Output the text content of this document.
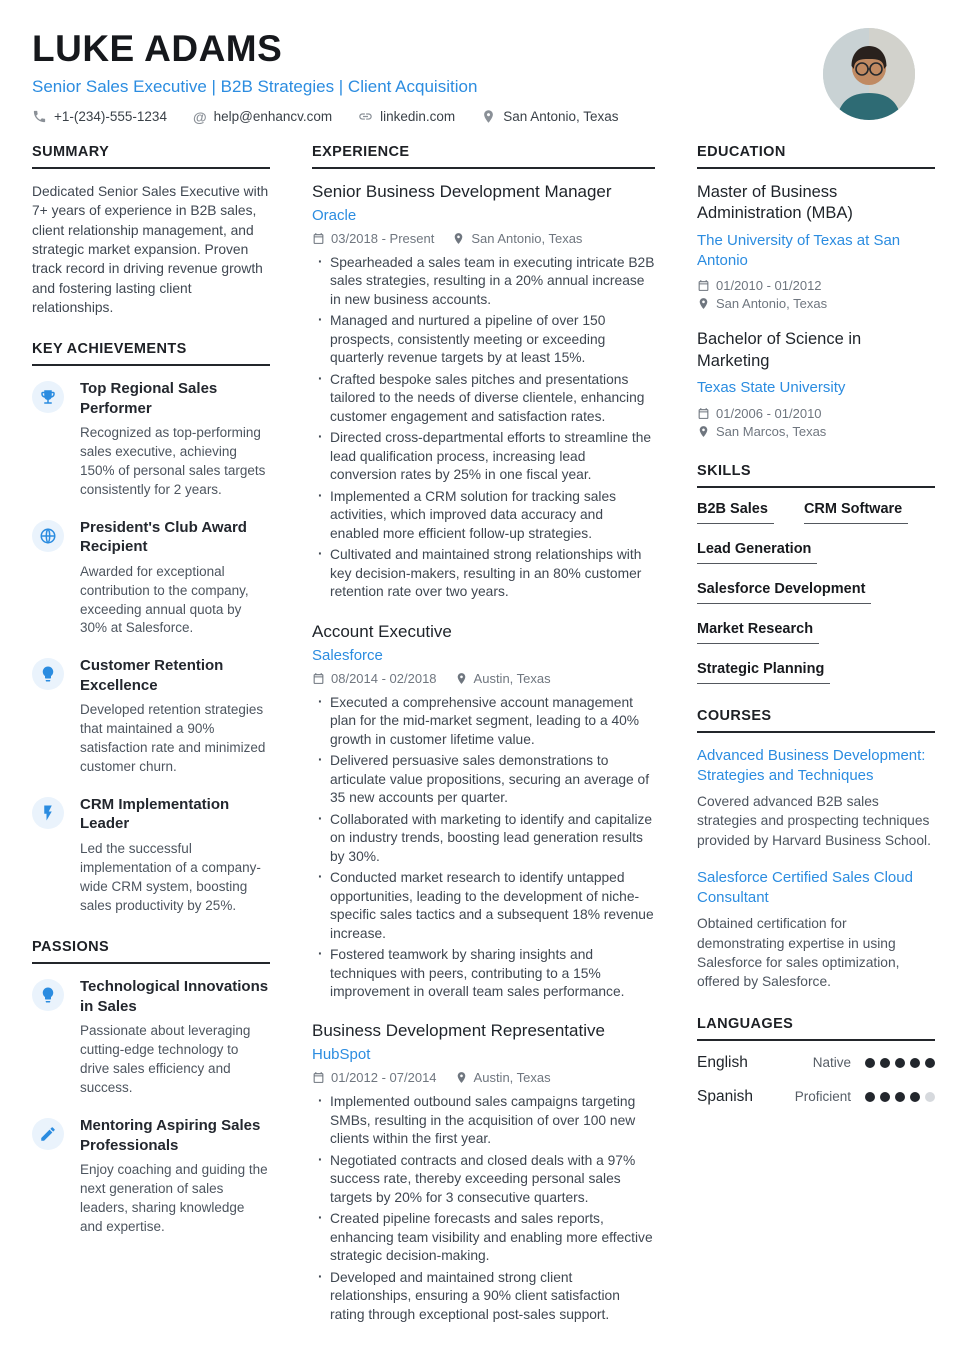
LUKE ADAMS
Senior Sales Executive | B2B Strategies | Client Acquisition
+1-(234)-555-1234 @ help@enhancv.com	linkedin.com	San Antonio, Texas
SUMMARY

Dedicated Senior Sales Executive with 7+ years of experience in B2B sales, client relationship management, and strategic market expansion. Proven track record in driving revenue growth and fostering lasting client relationships.

KEY ACHIEVEMENTS
Top Regional Sales Performer
Recognized as top-performing sales executive, achieving 150% of personal sales targets consistently for 2 years.
President's Club Award Recipient
Awarded for exceptional contribution to the company, exceeding annual quota by 30% at Salesforce.
Customer Retention Excellence
Developed retention strategies that maintained a 90% satisfaction rate and minimized customer churn.
CRM Implementation Leader
Led the successful implementation of a company-wide CRM system, boosting sales productivity by 25%.
PASSIONS
Technological Innovations in Sales
Passionate about leveraging cutting-edge technology to drive sales efficiency and success.
Mentoring Aspiring Sales Professionals
Enjoy coaching and guiding the next generation of sales leaders, sharing knowledge and expertise.
EXPERIENCE
Senior Business Development Manager
Oracle
03/2018 - Present	San Antonio, Texas
· Spearheaded a sales team in executing intricate B2B sales strategies, resulting in a 20% annual increase in new business accounts.
· Managed and nurtured a pipeline of over 150 prospects, consistently meeting or exceeding quarterly revenue targets by at least 15%.
· Crafted bespoke sales pitches and presentations tailored to the needs of diverse clientele, enhancing customer engagement and satisfaction rates.
· Directed cross-departmental efforts to streamline the lead qualification process, increasing lead conversion rates by 25% in one fiscal year.
· Implemented a CRM solution for tracking sales activities, which improved data accuracy and enabled more efficient follow-up strategies.
· Cultivated and maintained strong relationships with key decision-makers, resulting in an 80% customer retention rate over two years.
Account Executive
Salesforce
08/2014 - 02/2018	Austin, Texas
· Executed a comprehensive account management plan for the mid-market segment, leading to a 40% growth in customer lifetime value.
· Delivered persuasive sales demonstrations to articulate value propositions, securing an average of 35 new accounts per quarter.
· Collaborated with marketing to identify and capitalize on industry trends, boosting lead generation results by 30%.
· Conducted market research to identify untapped opportunities, leading to the development of niche-specific sales tactics and a subsequent 18% revenue increase.
· Fostered teamwork by sharing insights and techniques with peers, contributing to a 15% improvement in overall team sales performance.
Business Development Representative
HubSpot
01/2012 - 07/2014	Austin, Texas
· Implemented outbound sales campaigns targeting SMBs, resulting in the acquisition of over 100 new clients within the first year.
· Negotiated contracts and closed deals with a 97% success rate, thereby exceeding personal sales targets by 20% for 3 consecutive quarters.
· Created pipeline forecasts and sales reports, enhancing team visibility and enabling more effective strategic decision-making.
· Developed and maintained strong client relationships, ensuring a 90% client satisfaction rating through exceptional post-sales support.
EDUCATION
Master of Business Administration (MBA)
The University of Texas at San Antonio
01/2010 - 01/2012
San Antonio, Texas
Bachelor of Science in Marketing
Texas State University
01/2006 - 01/2010
San Marcos, Texas
SKILLS
B2B Sales	CRM Software
Lead Generation
Salesforce Development
Market Research
Strategic Planning
COURSES
Advanced Business Development: Strategies and Techniques
Covered advanced B2B sales strategies and prospecting techniques provided by Harvard Business School.
Salesforce Certified Sales Cloud Consultant
Obtained certification for demonstrating expertise in using Salesforce for sales optimization, offered by Salesforce.
LANGUAGES
English	Native
Spanish	Proficient
